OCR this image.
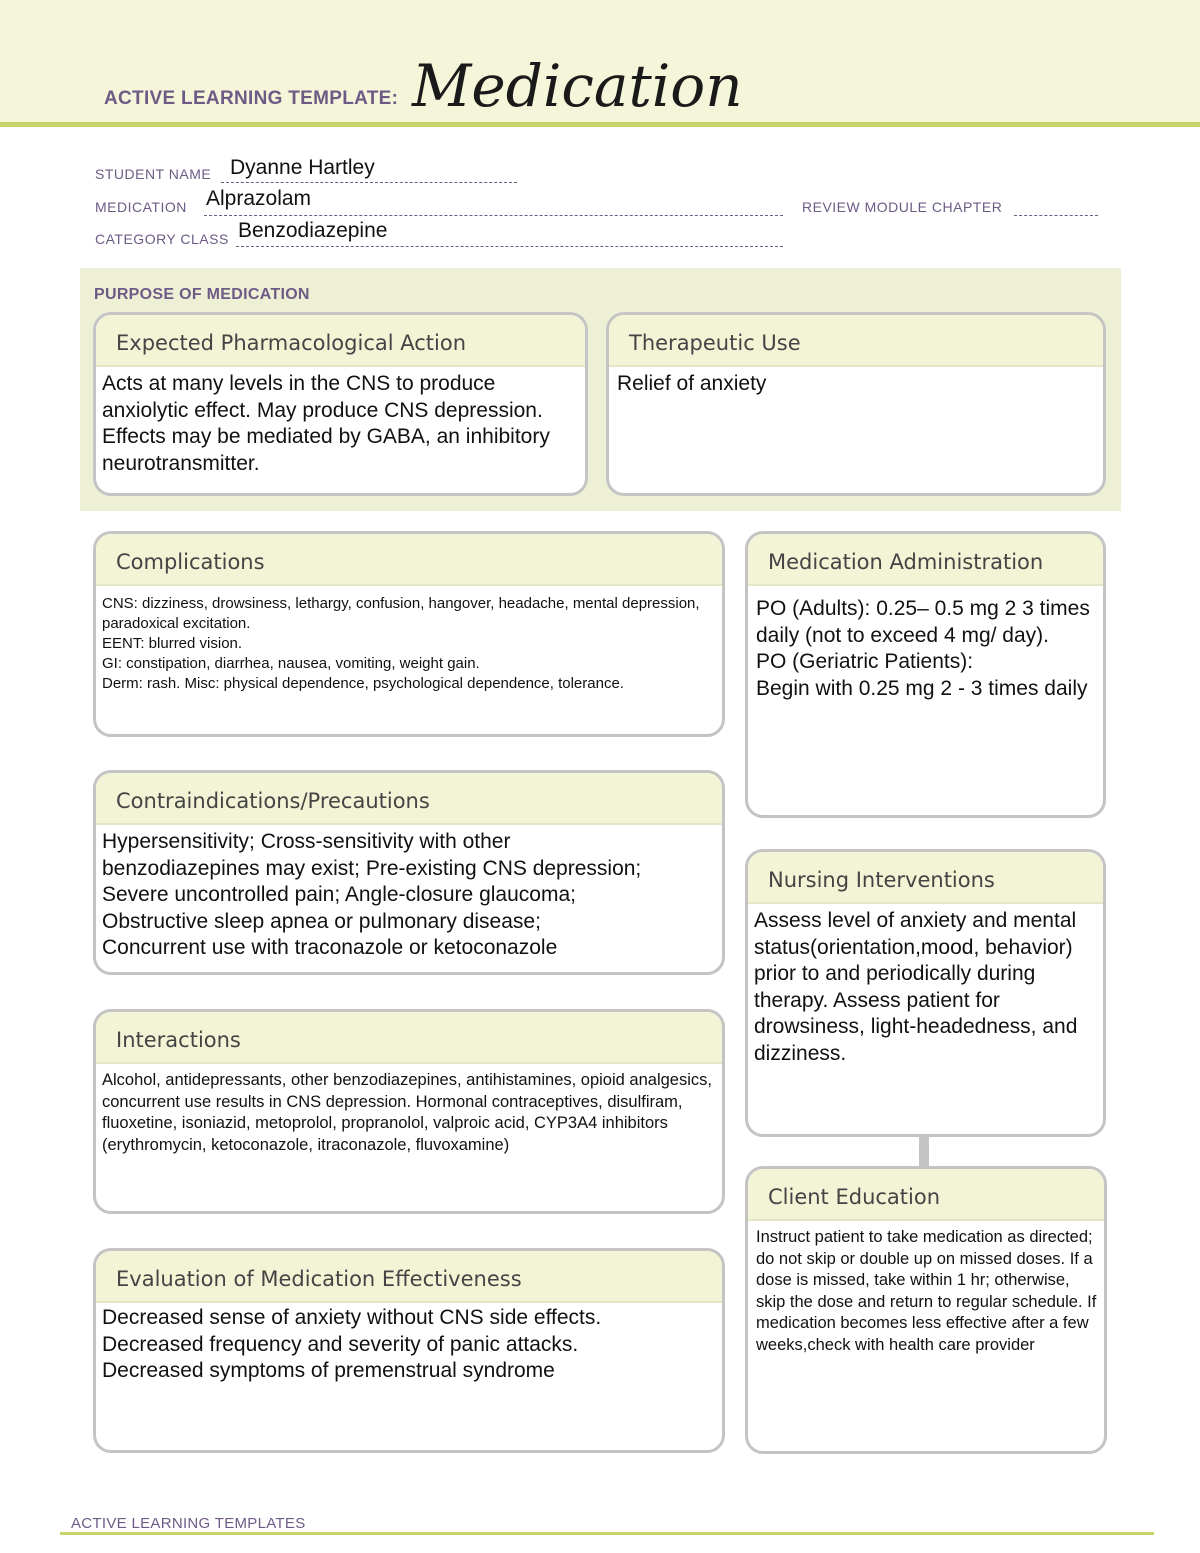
ACTIVE LEARNING TEMPLATE: Medication
STUDENT NAME Dyanne Hartley
MEDICATION Alprazolam	REVIEW MODULE CHAPTER
CATEGORY CLASS Benzodiazepine
PURPOSE OF MEDICATION
Expected Pharmacological Action
Acts at many levels in the CNS to produce anxiolytic effect. May produce CNS depression. Effects may be mediated by GABA, an inhibitory neurotransmitter.
Therapeutic Use
Relief of anxiety
Complications
CNS: dizziness, drowsiness, lethargy, confusion, hangover, headache, mental depression, paradoxical excitation.
EENT: blurred vision.
GI: constipation, diarrhea, nausea, vomiting, weight gain.
Derm: rash. Misc: physical dependence, psychological dependence, tolerance.
Medication Administration
PO (Adults): 0.25– 0.5 mg 2 3 times daily (not to exceed 4 mg/ day).
PO (Geriatric Patients):
Begin with 0.25 mg 2 - 3 times daily
Contraindications/Precautions
Hypersensitivity; Cross-sensitivity with other
benzodiazepines may exist; Pre-existing CNS depression;
Severe uncontrolled pain; Angle-closure glaucoma;
Obstructive sleep apnea or pulmonary disease;
Concurrent use with traconazole or ketoconazole
Nursing Interventions
Assess level of anxiety and mental status(orientation,mood, behavior) prior to and periodically during therapy. Assess patient for drowsiness, light-headedness, and dizziness.
Interactions
Alcohol, antidepressants, other benzodiazepines, antihistamines, opioid analgesics, concurrent use results in CNS depression. Hormonal contraceptives, disulfiram, fluoxetine, isoniazid, metoprolol, propranolol, valproic acid, CYP3A4 inhibitors (erythromycin, ketoconazole, itraconazole, fluvoxamine)
Client Education
Instruct patient to take medication as directed; do not skip or double up on missed doses. If a dose is missed, take within 1 hr; otherwise, skip the dose and return to regular schedule. If medication becomes less effective after a few weeks,check with health care provider
Evaluation of Medication Effectiveness
Decreased sense of anxiety without CNS side effects.
Decreased frequency and severity of panic attacks.
Decreased symptoms of premenstrual syndrome
ACTIVE LEARNING TEMPLATES
